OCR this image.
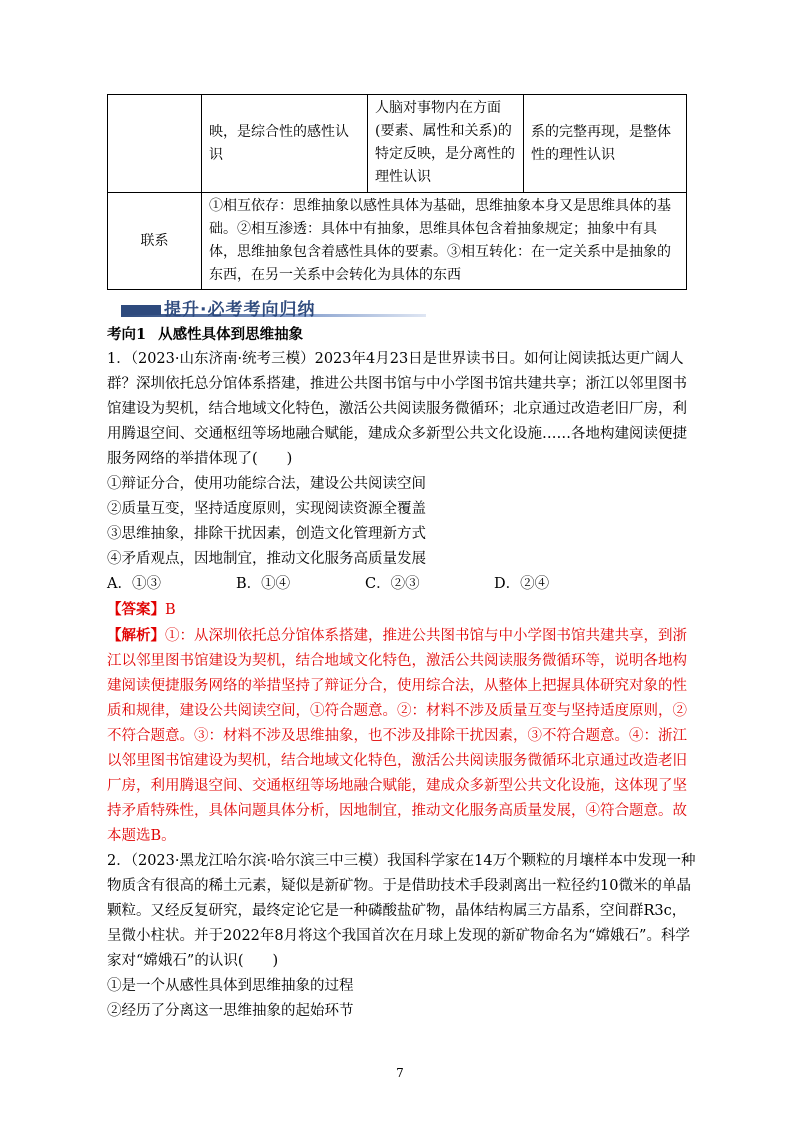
	映，是综合性的感性认识	人脑对事物内在方面(要素、属性和关系)的特定反映，是分离性的理性认识	系的完整再现，是整体性的理性认识
联系	①相互依存：思维抽象以感性具体为基础，思维抽象本身又是思维具体的基础。②相互渗透：具体中有抽象，思维具体包含着抽象规定；抽象中有具体，思维抽象包含着感性具体的要素。③相互转化：在一定关系中是抽象的东西，在另一关系中会转化为具体的东西		
提升·必考考向归纳

考向1 从感性具体到思维抽象

1．（2023·山东济南·统考三模）2023年4月23日是世界读书日。如何让阅读抵达更广阔人群？深圳依托总分馆体系搭建，推进公共图书馆与中小学图书馆共建共享；浙江以邻里图书馆建设为契机，结合地域文化特色，激活公共阅读服务微循环；北京通过改造老旧厂房，利用腾退空间、交通枢纽等场地融合赋能，建成众多新型公共文化设施……各地构建阅读便捷服务网络的举措体现了(　　)

①辩证分合，使用功能综合法，建设公共阅读空间

②质量互变，坚持适度原则，实现阅读资源全覆盖

③思维抽象，排除干扰因素，创造文化管理新方式

④矛盾观点，因地制宜，推动文化服务高质量发展

A．①③	B．①④	C．②③	D．②④

【答案】B

【解析】①：从深圳依托总分馆体系搭建，推进公共图书馆与中小学图书馆共建共享，到浙江以邻里图书馆建设为契机，结合地域文化特色，激活公共阅读服务微循环等，说明各地构建阅读便捷服务网络的举措坚持了辩证分合，使用综合法，从整体上把握具体研究对象的性质和规律，建设公共阅读空间，①符合题意。②：材料不涉及质量互变与坚持适度原则，②不符合题意。③：材料不涉及思维抽象，也不涉及排除干扰因素，③不符合题意。④：浙江以邻里图书馆建设为契机，结合地域文化特色，激活公共阅读服务微循环北京通过改造老旧厂房，利用腾退空间、交通枢纽等场地融合赋能，建成众多新型公共文化设施，这体现了坚持矛盾特殊性，具体问题具体分析，因地制宜，推动文化服务高质量发展，④符合题意。故本题选B。

2．（2023·黑龙江哈尔滨·哈尔滨三中三模）我国科学家在14万个颗粒的月壤样本中发现一种物质含有很高的稀土元素，疑似是新矿物。于是借助技术手段剥离出一粒径约10微米的单晶颗粒。又经反复研究，最终定论它是一种磷酸盐矿物，晶体结构属三方晶系，空间群R3c，呈微小柱状。并于2022年8月将这个我国首次在月球上发现的新矿物命名为“嫦娥石”。科学家对“嫦娥石”的认识(　　)

①是一个从感性具体到思维抽象的过程

②经历了分离这一思维抽象的起始环节

7
